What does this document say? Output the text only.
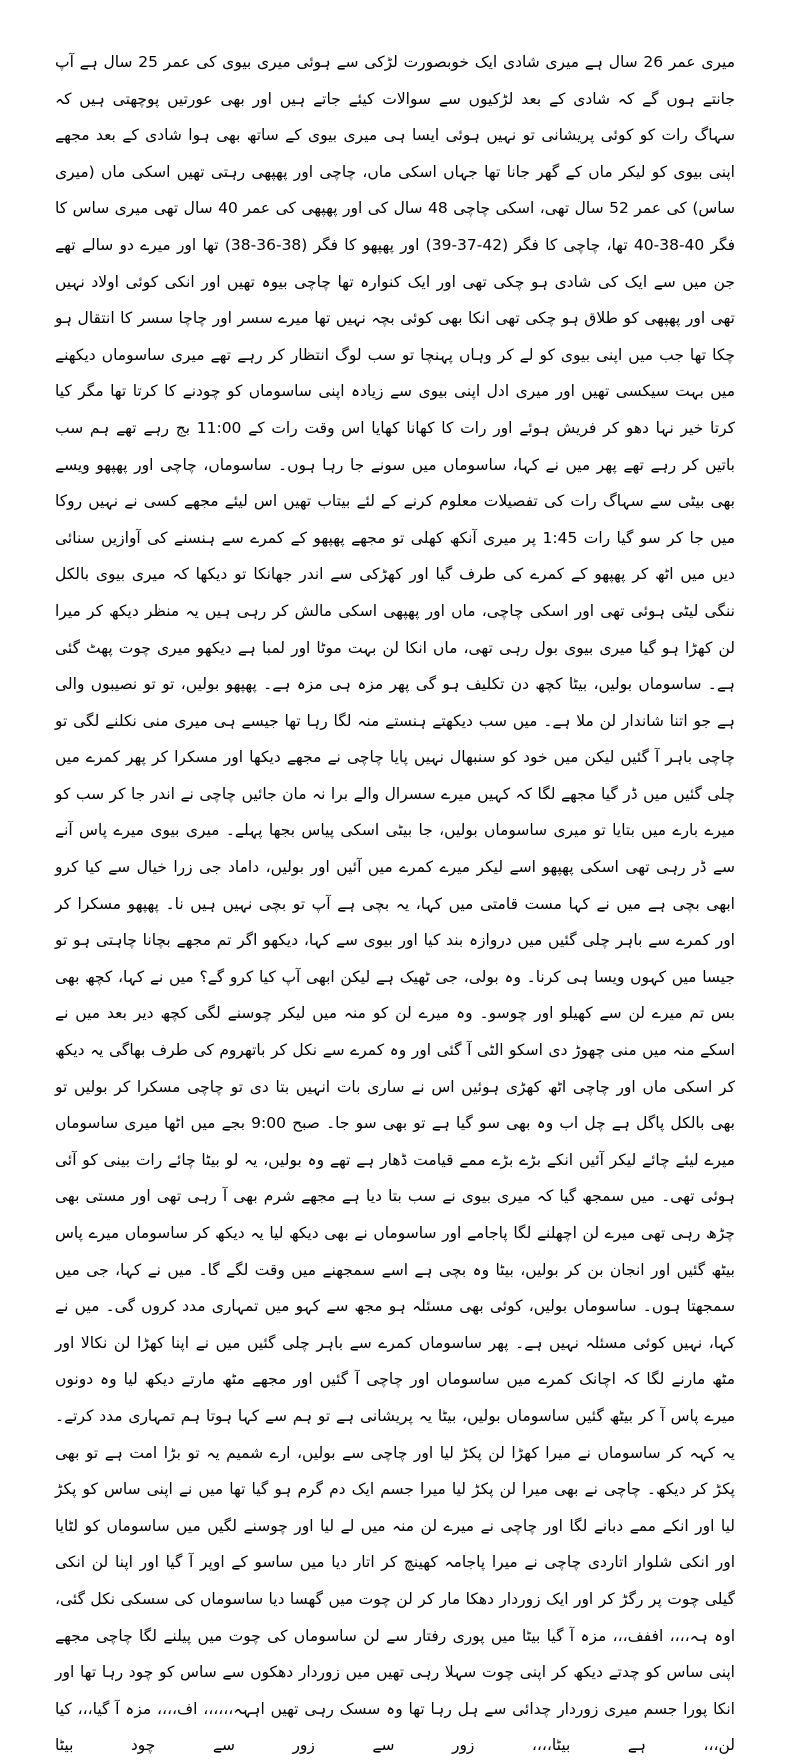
میری عمر 26 سال ہے میری شادی ایک خوبصورت لڑکی سے ہوئی میری بیوی کی عمر 25 سال ہے آپ جانتے ہوں گے کہ شادی کے بعد لڑکیوں سے سوالات کیئے جاتے ہیں اور بھی عورتیں پوچھتی ہیں کہ سہاگ رات کو کوئی پریشانی تو نہیں ہوئی ایسا ہی میری بیوی کے ساتھ بھی ہوا شادی کے بعد مجھے اپنی بیوی کو لیکر ماں کے گھر جانا تھا جہاں اسکی ماں، چاچی اور پھپھی رہتی تھیں اسکی ماں (میری ساس) کی عمر 52 سال تھی، اسکی چاچی 48 سال کی اور پھپھی کی عمر 40 سال تھی میری ساس کا فگر 40-38-40 تھا، چاچی کا فگر (42-37-39) اور پھپھو کا فگر (38-36-38) تھا اور میرے دو سالے تھے جن میں سے ایک کی شادی ہو چکی تھی اور ایک کنوارہ تھا چاچی بیوہ تھیں اور انکی کوئی اولاد نہیں تھی اور پھپھی کو طلاق ہو چکی تھی انکا بھی کوئی بچہ نہیں تھا میرے سسر اور چاچا سسر کا انتقال ہو چکا تھا جب میں اپنی بیوی کو لے کر وہاں پہنچا تو سب لوگ انتظار کر رہے تھے میری ساسوماں دیکھنے میں بہت سیکسی تھیں اور میری ادل اپنی بیوی سے زیادہ اپنی ساسوماں کو چودنے کا کرتا تھا مگر کیا کرتا خیر نہا دھو کر فریش ہوئے اور رات کا کھانا کھایا اس وقت رات کے 11:00 بج رہے تھے ہم سب باتیں کر رہے تھے پھر میں نے کہا، ساسوماں میں سونے جا رہا ہوں۔ ساسوماں، چاچی اور پھپھو ویسے بھی بیٹی سے سہاگ رات کی تفصیلات معلوم کرنے کے لئے بیتاب تھیں اس لیئے مجھے کسی نے نہیں روکا میں جا کر سو گیا رات 1:45 پر میری آنکھ کھلی تو مجھے پھپھو کے کمرے سے ہنسنے کی آوازیں سنائی دیں میں اٹھ کر پھپھو کے کمرے کی طرف گیا اور کھڑکی سے اندر جھانکا تو دیکھا کہ میری بیوی بالکل ننگی لیٹی ہوئی تھی اور اسکی چاچی، ماں اور پھپھی اسکی مالش کر رہی ہیں یہ منظر دیکھ کر میرا لن کھڑا ہو گیا میری بیوی بول رہی تھی، ماں انکا لن بہت موٹا اور لمبا ہے دیکھو میری چوت پھٹ گئی ہے۔ ساسوماں بولیں، بیٹا کچھ دن تکلیف ہو گی پھر مزہ ہی مزہ ہے۔ پھپھو بولیں، تو تو نصیبوں والی ہے جو اتنا شاندار لن ملا ہے۔ میں سب دیکھتے ہنستے منہ لگا رہا تھا جیسے ہی میری منی نکلنے لگی تو چاچی باہر آ گئیں لیکن میں خود کو سنبھال نہیں پایا چاچی نے مجھے دیکھا اور مسکرا کر پھر کمرے میں چلی گئیں میں ڈر گیا مجھے لگا کہ کہیں میرے سسرال والے برا نہ مان جائیں چاچی نے اندر جا کر سب کو میرے بارے میں بتایا تو میری ساسوماں بولیں، جا بیٹی اسکی پیاس بجھا پہلے۔ میری بیوی میرے پاس آنے سے ڈر رہی تھی اسکی پھپھو اسے لیکر میرے کمرے میں آئیں اور بولیں، داماد جی زرا خیال سے کیا کرو ابھی بچی ہے میں نے کہا مست قامتی میں کہا، یہ بچی ہے آپ تو بچی نہیں ہیں نا۔ پھپھو مسکرا کر اور کمرے سے باہر چلی گئیں میں دروازہ بند کیا اور بیوی سے کہا، دیکھو اگر تم مجھے بچانا چاہتی ہو تو جیسا میں کہوں ویسا ہی کرنا۔ وہ بولی، جی ٹھیک ہے لیکن ابھی آپ کیا کرو گے؟ میں نے کہا، کچھ بھی بس تم میرے لن سے کھیلو اور چوسو۔ وہ میرے لن کو منہ میں لیکر چوسنے لگی کچھ دیر بعد میں نے اسکے منہ میں منی چھوڑ دی اسکو الٹی آ گئی اور وہ کمرے سے نکل کر باتھروم کی طرف بھاگی یہ دیکھ کر اسکی ماں اور چاچی اٹھ کھڑی ہوئیں اس نے ساری بات انہیں بتا دی تو چاچی مسکرا کر بولیں تو بھی بالکل پاگل ہے چل اب وہ بھی سو گیا ہے تو بھی سو جا۔ صبح 9:00 بجے میں اٹھا میری ساسوماں میرے لیئے چائے لیکر آئیں انکے بڑے بڑے ممے قیامت ڈھار ہے تھے وہ بولیں، یہ لو بیٹا چائے رات بینی کو آئی ہوئی تھی۔ میں سمجھ گیا کہ میری بیوی نے سب بتا دیا ہے مجھے شرم بھی آ رہی تھی اور مستی بھی چڑھ رہی تھی میرے لن اچھلنے لگا پاجامے اور ساسوماں نے بھی دیکھ لیا یہ دیکھ کر ساسوماں میرے پاس بیٹھ گئیں اور انجان بن کر بولیں، بیٹا وہ بچی ہے اسے سمجھنے میں وقت لگے گا۔ میں نے کہا، جی میں سمجھتا ہوں۔ ساسوماں بولیں، کوئی بھی مسئلہ ہو مجھ سے کہو میں تمہاری مدد کروں گی۔ میں نے کہا، نہیں کوئی مسئلہ نہیں ہے۔ پھر ساسوماں کمرے سے باہر چلی گئیں میں نے اپنا کھڑا لن نکالا اور مٹھ مارنے لگا کہ اچانک کمرے میں ساسوماں اور چاچی آ گئیں اور مجھے مٹھ مارتے دیکھ لیا وہ دونوں میرے پاس آ کر بیٹھ گئیں ساسوماں بولیں، بیٹا یہ پریشانی ہے تو ہم سے کہا ہوتا ہم تمہاری مدد کرتے۔ یہ کہہ کر ساسوماں نے میرا کھڑا لن پکڑ لیا اور چاچی سے بولیں، ارے شمیم یہ تو بڑا امت ہے تو بھی پکڑ کر دیکھ۔ چاچی نے بھی میرا لن پکڑ لیا میرا جسم ایک دم گرم ہو گیا تھا میں نے اپنی ساس کو پکڑ لیا اور انکے ممے دبانے لگا اور چاچی نے میرے لن منہ میں لے لیا اور چوسنے لگیں میں ساسوماں کو لٹایا اور انکی شلوار اتاردی چاچی نے میرا پاجامہ کھینچ کر اتار دیا میں ساسو کے اوپر آ گیا اور اپنا لن انکی گیلی چوت پر رگڑ کر اور ایک زوردار دھکا مار کر لن چوت میں گھسا دیا ساسوماں کی سسکی نکل گئی، اوہ ہہ،،،، اففف،،، مزہ آ گیا بیٹا میں پوری رفتار سے لن ساسوماں کی چوت میں پیلنے لگا چاچی مجھے اپنی ساس کو چدتے دیکھ کر اپنی چوت سہلا رہی تھیں میں زوردار دھکوں سے ساس کو چود رہا تھا اور انکا پورا جسم میری زوردار چدائی سے ہل رہا تھا وہ سسک رہی تھیں اہہہ،،،،،، اف،،،، مزہ آ گیا،،، کیا لن،،، ہے بیٹا،،،، زور سے زور سے چود بیٹا
